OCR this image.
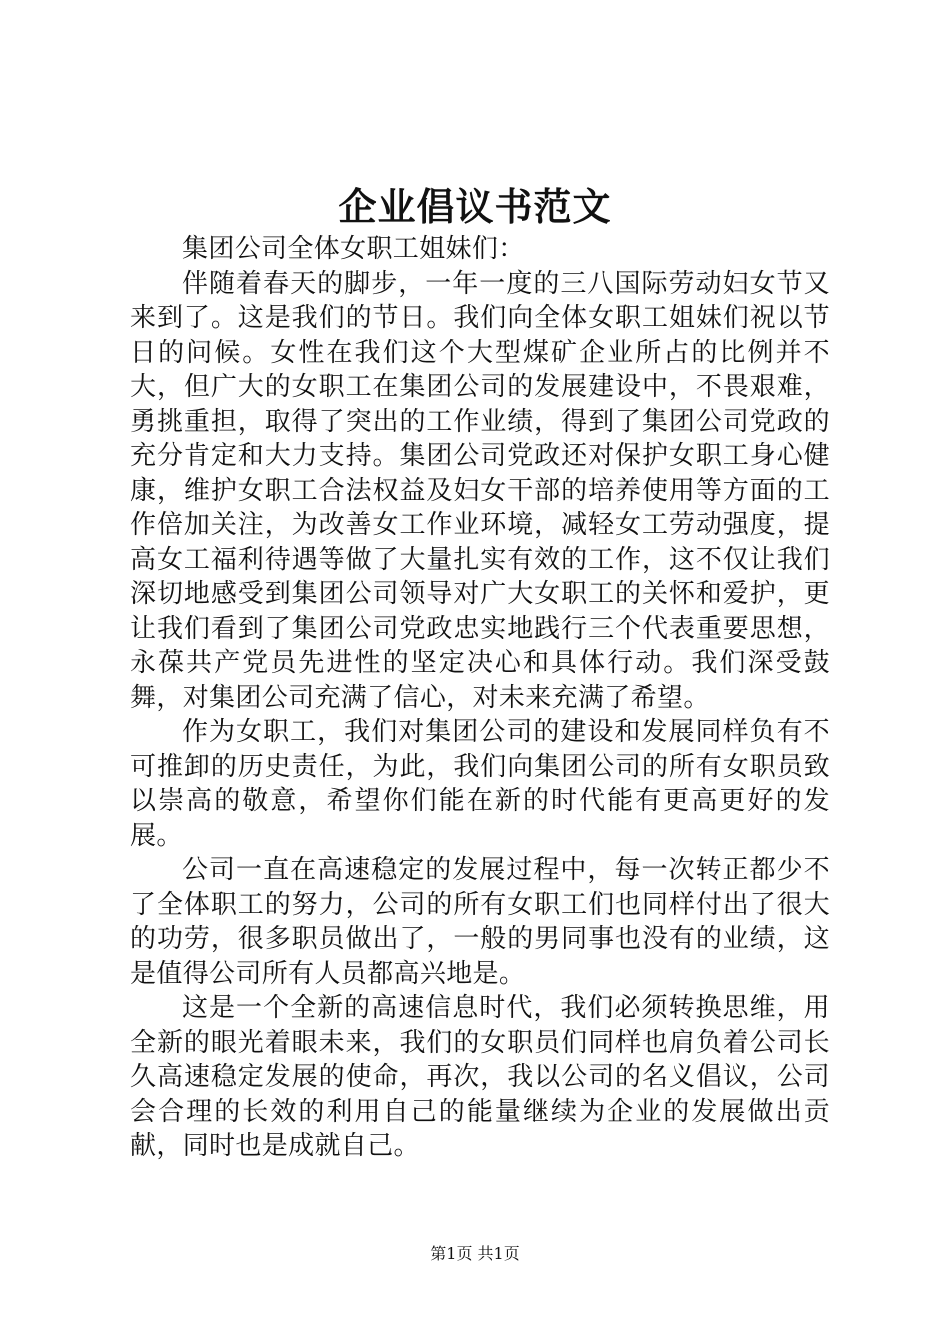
企业倡议书范文

集团公司全体女职工姐妹们：

伴随着春天的脚步，一年一度的三八国际劳动妇女节又来到了。这是我们的节日。我们向全体女职工姐妹们祝以节日的问候。女性在我们这个大型煤矿企业所占的比例并不大，但广大的女职工在集团公司的发展建设中，不畏艰难，勇挑重担，取得了突出的工作业绩，得到了集团公司党政的充分肯定和大力支持。集团公司党政还对保护女职工身心健康，维护女职工合法权益及妇女干部的培养使用等方面的工作倍加关注，为改善女工作业环境，减轻女工劳动强度，提高女工福利待遇等做了大量扎实有效的工作，这不仅让我们深切地感受到集团公司领导对广大女职工的关怀和爱护，更让我们看到了集团公司党政忠实地践行三个代表重要思想，永葆共产党员先进性的坚定决心和具体行动。我们深受鼓舞，对集团公司充满了信心，对未来充满了希望。

作为女职工，我们对集团公司的建设和发展同样负有不可推卸的历史责任，为此，我们向集团公司的所有女职员致以崇高的敬意，希望你们能在新的时代能有更高更好的发展。

公司一直在高速稳定的发展过程中，每一次转正都少不了全体职工的努力，公司的所有女职工们也同样付出了很大的功劳，很多职员做出了，一般的男同事也没有的业绩，这是值得公司所有人员都高兴地是。

这是一个全新的高速信息时代，我们必须转换思维，用全新的眼光着眼未来，我们的女职员们同样也肩负着公司长久高速稳定发展的使命，再次，我以公司的名义倡议，公司会合理的长效的利用自己的能量继续为企业的发展做出贡献，同时也是成就自己。

第1页 共1页
